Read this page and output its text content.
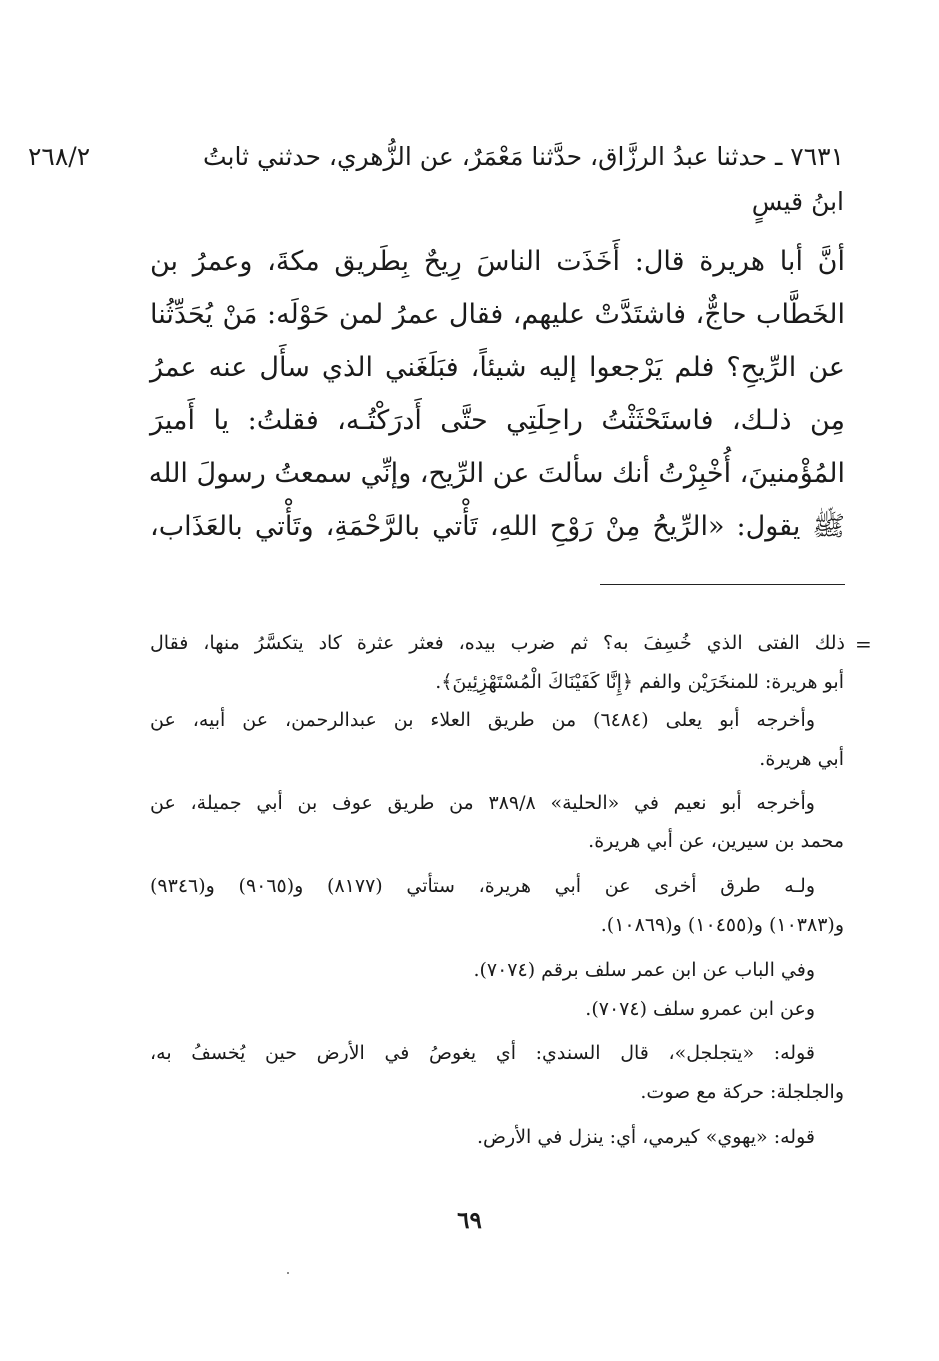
٢٦٨/٢	٧٦٣١ ـ حدثنا عبدُ الرزَّاق، حدَّثنا مَعْمَرٌ، عن الزُّهري، حدثني ثابتُ
ابنُ قيسٍ
أنَّ أبا هريرة قال: أَخَذَت الناسَ رِيحٌ بِطَريق مكةَ، وعمرُ بن
الخَطَّاب حاجٌّ، فاشتَدَّتْ عليهم، فقال عمرُ لمن حَوْلَه: مَنْ يُحَدِّثُنا
عن الرِّيحِ؟ فلم يَرْجعوا إليه شيئاً، فبَلَغَني الذي سأَل عنه عمرُ
مِن ذلـك، فاستَحْثَثْتُ راحِلَتِي حتَّى أَدرَكْتُـه، فقلتُ: يا أَميرَ
المُؤْمنينَ، أُخْبِرْتُ أنك سألتَ عن الرِّيح، وإنِّي سمعتُ رسولَ الله
ﷺ يقول: «الرِّيحُ مِنْ رَوْحِ اللهِ، تَأْتي بالرَّحْمَةِ، وتَأْتي بالعَذَاب،
=
ذلك الفتى الذي خُسِفَ به؟ ثم ضرب بيده، فعثر عثرة كاد يتكسَّرُ منها، فقال
أبو هريرة: للمنخَرَيْن والفم ﴿إِنَّا كَفَيْنَاكَ الْمُسْتَهْزِئِينَ﴾.
وأخرجه أبو يعلى (٦٤٨٤) من طريق العلاء بن عبدالرحمن، عن أبيه، عن
أبي هريرة.
وأخرجه أبو نعيم في «الحلية» ٣٨٩/٨ من طريق عوف بن أبي جميلة، عن
محمد بن سيرين، عن أبي هريرة.
ولـه طرق أخرى عن أبي هريرة، ستأتي (٨١٧٧) و(٩٠٦٥) و(٩٣٤٦)
و(١٠٣٨٣) و(١٠٤٥٥) و(١٠٨٦٩).
وفي الباب عن ابن عمر سلف برقم (٧٠٧٤).
وعن ابن عمرو سلف (٧٠٧٤).
قوله: «يتجلجل»، قال السندي: أي يغوصُ في الأرض حين يُخسفُ به،
والجلجلة: حركة مع صوت.
قوله: «يهوي» كيرمي، أي: ينزل في الأرض.
٦٩
